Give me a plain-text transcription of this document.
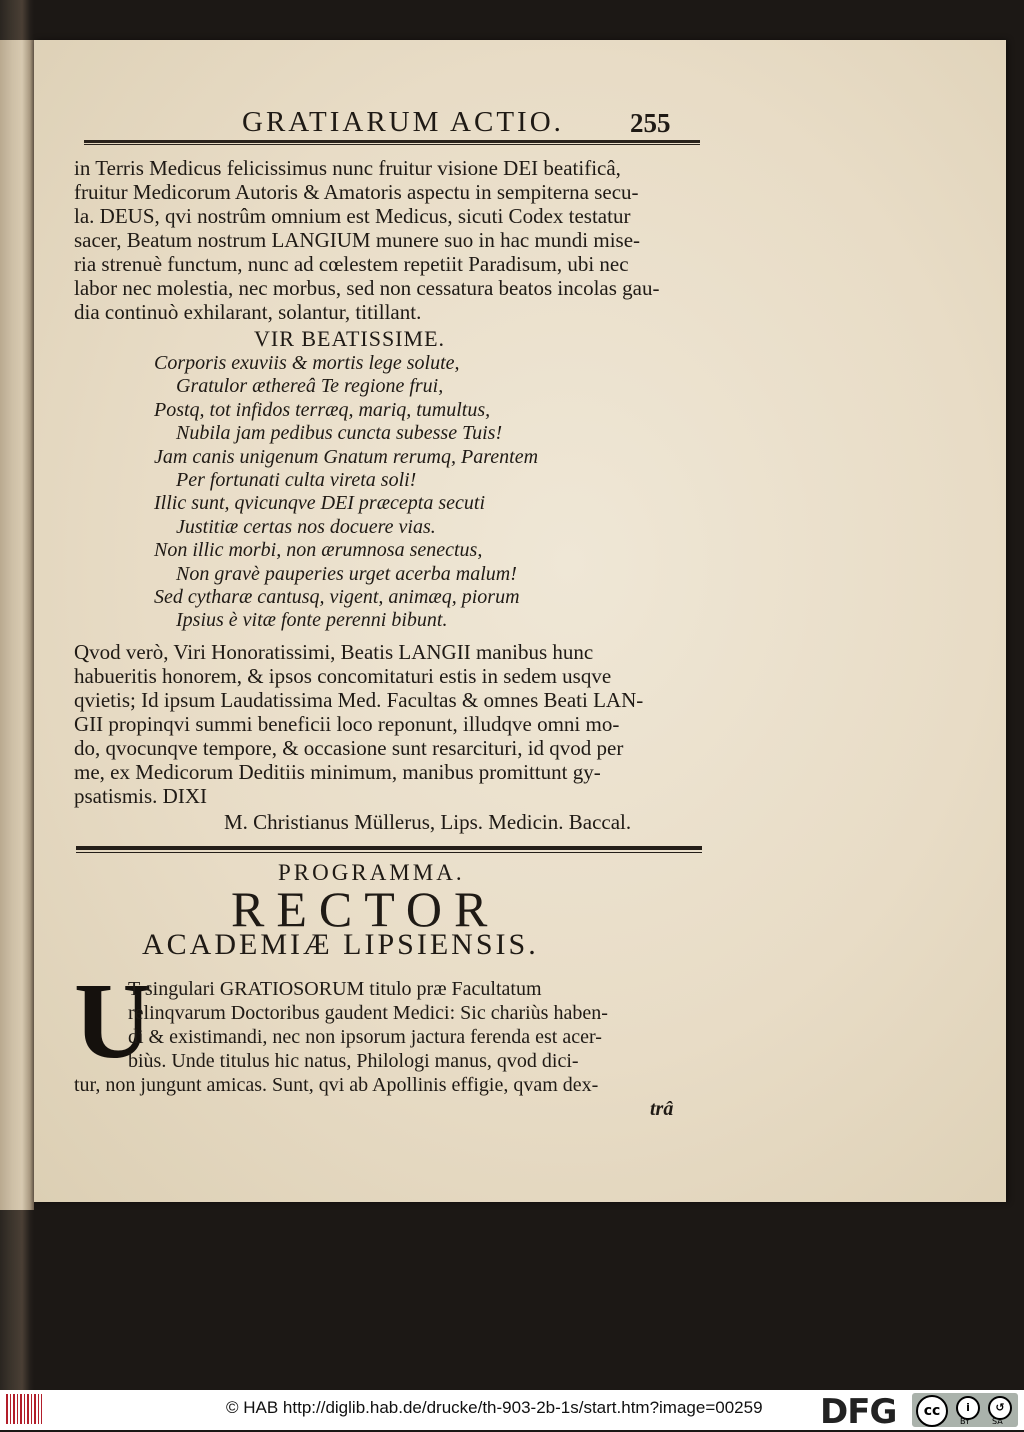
GRATIARUM ACTIO. 255
in Terris Medicus felicissimus nunc fruitur visione DEI beatificâ,
fruitur Medicorum Autoris & Amatoris aspectu in sempiterna secu-
la. DEUS, qvi nostrûm omnium est Medicus, sicuti Codex testatur
sacer, Beatum nostrum LANGIUM munere suo in hac mundi mise-
ria strenuè functum, nunc ad cœlestem repetiit Paradisum, ubi nec
labor nec molestia, nec morbus, sed non cessatura beatos incolas gau-
dia continuò exhilarant, solantur, titillant.
VIR BEATISSIME.
Corporis exuviis & mortis lege solute,
Gratulor æthereâ Te regione frui,
Postq, tot infidos terræq, mariq, tumultus,
Nubila jam pedibus cuncta subesse Tuis!
Jam canis unigenum Gnatum rerumq, Parentem
Per fortunati culta vireta soli!
Illic sunt, qvicunqve DEI præcepta secuti
Justitiæ certas nos docuere vias.
Non illic morbi, non ærumnosa senectus,
Non gravè pauperies urget acerba malum!
Sed cytharæ cantusq, vigent, animæq, piorum
Ipsius è vitæ fonte perenni bibunt.
Qvod verò, Viri Honoratissimi, Beatis LANGII manibus hunc
habueritis honorem, & ipsos concomitaturi estis in sedem usqve
qvietis; Id ipsum Laudatissima Med. Facultas & omnes Beati LAN-
GII propinqvi summi beneficii loco reponunt, illudqve omni mo-
do, qvocunqve tempore, & occasione sunt resarcituri, id qvod per
me, ex Medicorum Deditiis minimum, manibus promittunt gy-
psatismis. DIXI
M. Christianus Müllerus, Lips. Medicin. Baccal.
PROGRAMMA.
RECTOR
ACADEMIÆ LIPSIENSIS.
U
T singulari GRATIOSORUM titulo præ Facultatum
relinqvarum Doctoribus gaudent Medici: Sic chariùs haben-
di & existimandi, nec non ipsorum jactura ferenda est acer-
biùs. Unde titulus hic natus, Philologi manus, qvod dici-
tur, non jungunt amicas. Sunt, qvi ab Apollinis effigie, qvam dex-
trâ
© HAB http://diglib.hab.de/drucke/th-903-2b-1s/start.htm?image=00259 DFG	cc	i
BY
↺
SA
